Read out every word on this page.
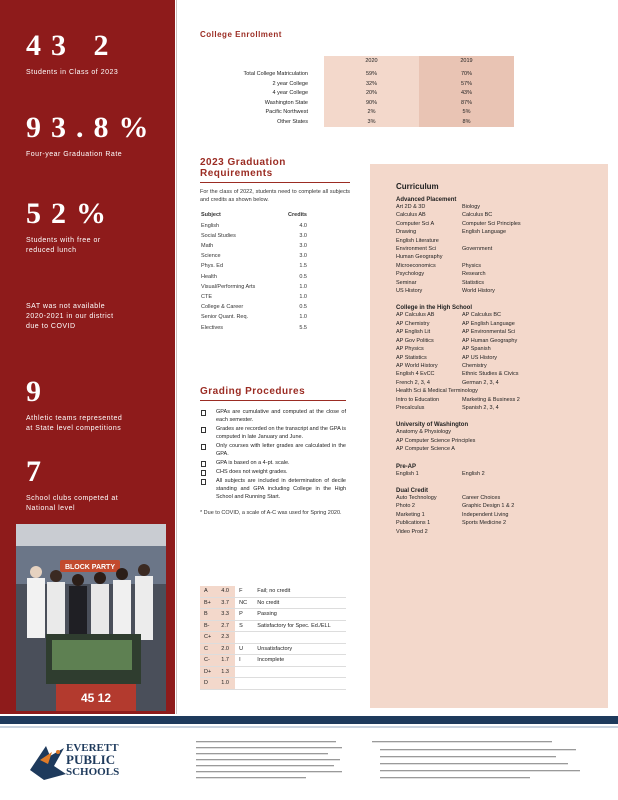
43 2
Students in Class of 2023
93.8%
Four-year Graduation Rate
52%
Students with free or
reduced lunch
SAT was not available
2020-2021 in our district
due to COVID
9
Athletic teams represented
at State level competitions
7
School clubs competed at
National level
BLOCK PARTY
45 12
College Enrollment
	2020	2019

Total College Matriculation	59%	70%
2 year College	32%	57%
4 year College	20%	43%
Washington State	90%	87%
Pacific Northwest	2%	5%
Other States	3%	8%
2023 Graduation
Requirements
For the class of 2022, students need to complete all subjects and credits as shown below.
Subject	Credits
English	4.0
Social Studies	3.0
Math	3.0
Science	3.0
Phys. Ed	1.5
Health	0.5
Visual/Performing Arts	1.0
CTE	1.0
College & Career	0.5
Senior Quant. Req.	1.0
Electives	5.5
Grading Procedures
GPAs are cumulative and computed at the close of each semester.
Grades are recorded on the transcript and the GPA is computed in late January and June.
Only courses with letter grades are calculated in the GPA.
GPA is based on a 4-pt. scale.
CHS does not weight grades.
All subjects are included in determination of decile standing and GPA including College in the High School and Running Start.
* Due to COVID, a scale of A-C was used for Spring 2020.
A	4.0	F	Fail; no credit
B+	3.7	NC	No credit
B	3.3	P	Passing
B-	2.7	S	Satisfactory for Spec. Ed./ELL
C+	2.3		
C	2.0	U	Unsatisfactory
C-	1.7	I	Incomplete
D+	1.3		
D	1.0		
Curriculum
Advanced Placement
Art 2D & 3D	Biology
Calculus AB	Calculus BC
Computer Sci A	Computer Sci Principles
Drawing	English Language
English Literature
Environment Sci	Government
Human Geography
Microeconomics	Physics
Psychology	Research
Seminar	Statistics
US History	World History
College in the High School
AP Calculus AB	AP Calculus BC
AP Chemistry	AP English Language
AP English Lit	AP Environmental Sci
AP Gov Politics	AP Human Geography
AP Physics	AP Spanish
AP Statistics	AP US History
AP World History	Chemistry
English 4 EvCC	Ethnic Studies & Civics
French 2, 3, 4	German 2, 3, 4
Health Sci & Medical Terminology
Intro to Education	Marketing & Business 2
Precalculus	Spanish 2, 3, 4
University of Washington
Anatomy & Physiology
AP Computer Science Principles
AP Computer Science A
Pre-AP
English 1	English 2
Dual Credit
Auto Technology	Career Choices
Photo 2	Graphic Design 1 & 2
Marketing 1	Independent Living
Publications 1	Sports Medicine 2
Video Prod 2
EVERETT
PUBLIC
SCHOOLS
